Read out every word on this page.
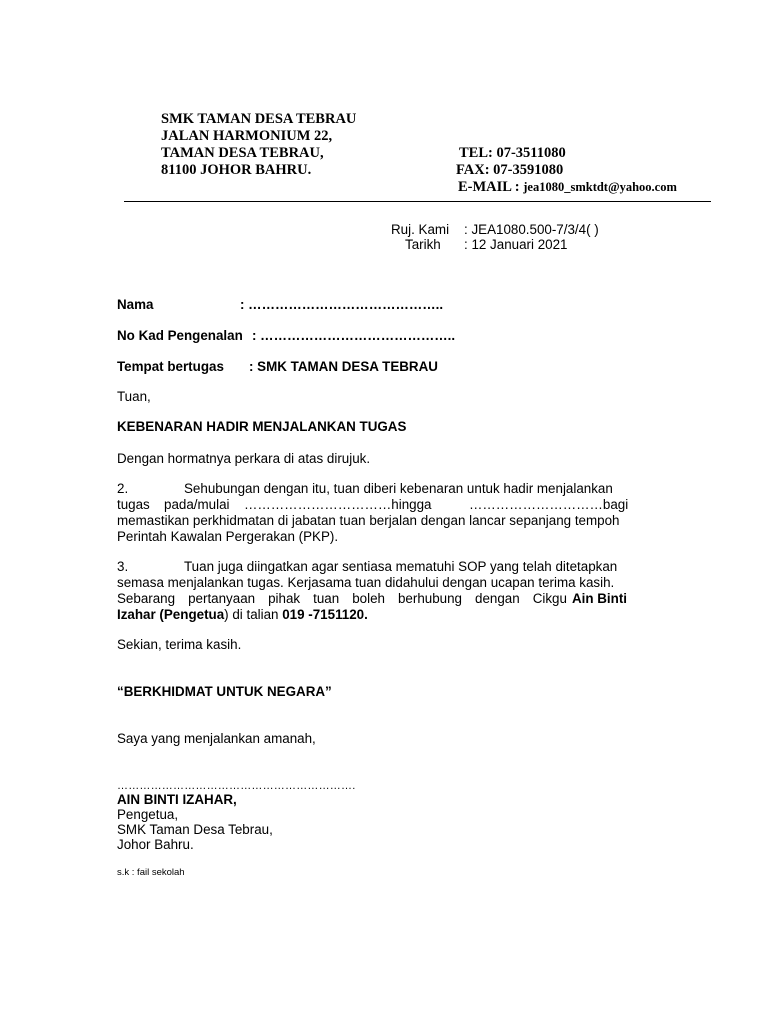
SMK TAMAN DESA TEBRAU
JALAN HARMONIUM 22,
TAMAN DESA TEBRAU,
81100 JOHOR BAHRU.
TEL: 07-3511080
FAX: 07-3591080
E-MAIL : jea1080_smktdt@yahoo.com
Ruj. Kami : JEA1080.500-7/3/4( )
Tarikh : 12 Januari 2021
Nama	: ……………………………………..
No Kad Pengenalan : ……………………………………..
Tempat bertugas : SMK TAMAN DESA TEBRAU
Tuan,
KEBENARAN HADIR MENJALANKAN TUGAS
Dengan hormatnya perkara di atas dirujuk.
2.	Sehubungan dengan itu, tuan diberi kebenaran untuk hadir menjalankan
tugas pada/mulai ……………………………hingga	…………………………bagi
memastikan perkhidmatan di jabatan tuan berjalan dengan lancar sepanjang tempoh
Perintah Kawalan Pergerakan (PKP).
3.	Tuan juga diingatkan agar sentiasa mematuhi SOP yang telah ditetapkan
semasa menjalankan tugas. Kerjasama tuan didahului dengan ucapan terima kasih.
Sebarang pertanyaan pihak tuan boleh berhubung dengan Cikgu Ain Binti
Izahar (Pengetua) di talian 019 -7151120.
Sekian, terima kasih.
“BERKHIDMAT UNTUK NEGARA”
Saya yang menjalankan amanah,
……………………………………………………….
AIN BINTI IZAHAR,
Pengetua,
SMK Taman Desa Tebrau,
Johor Bahru.
s.k : fail sekolah
